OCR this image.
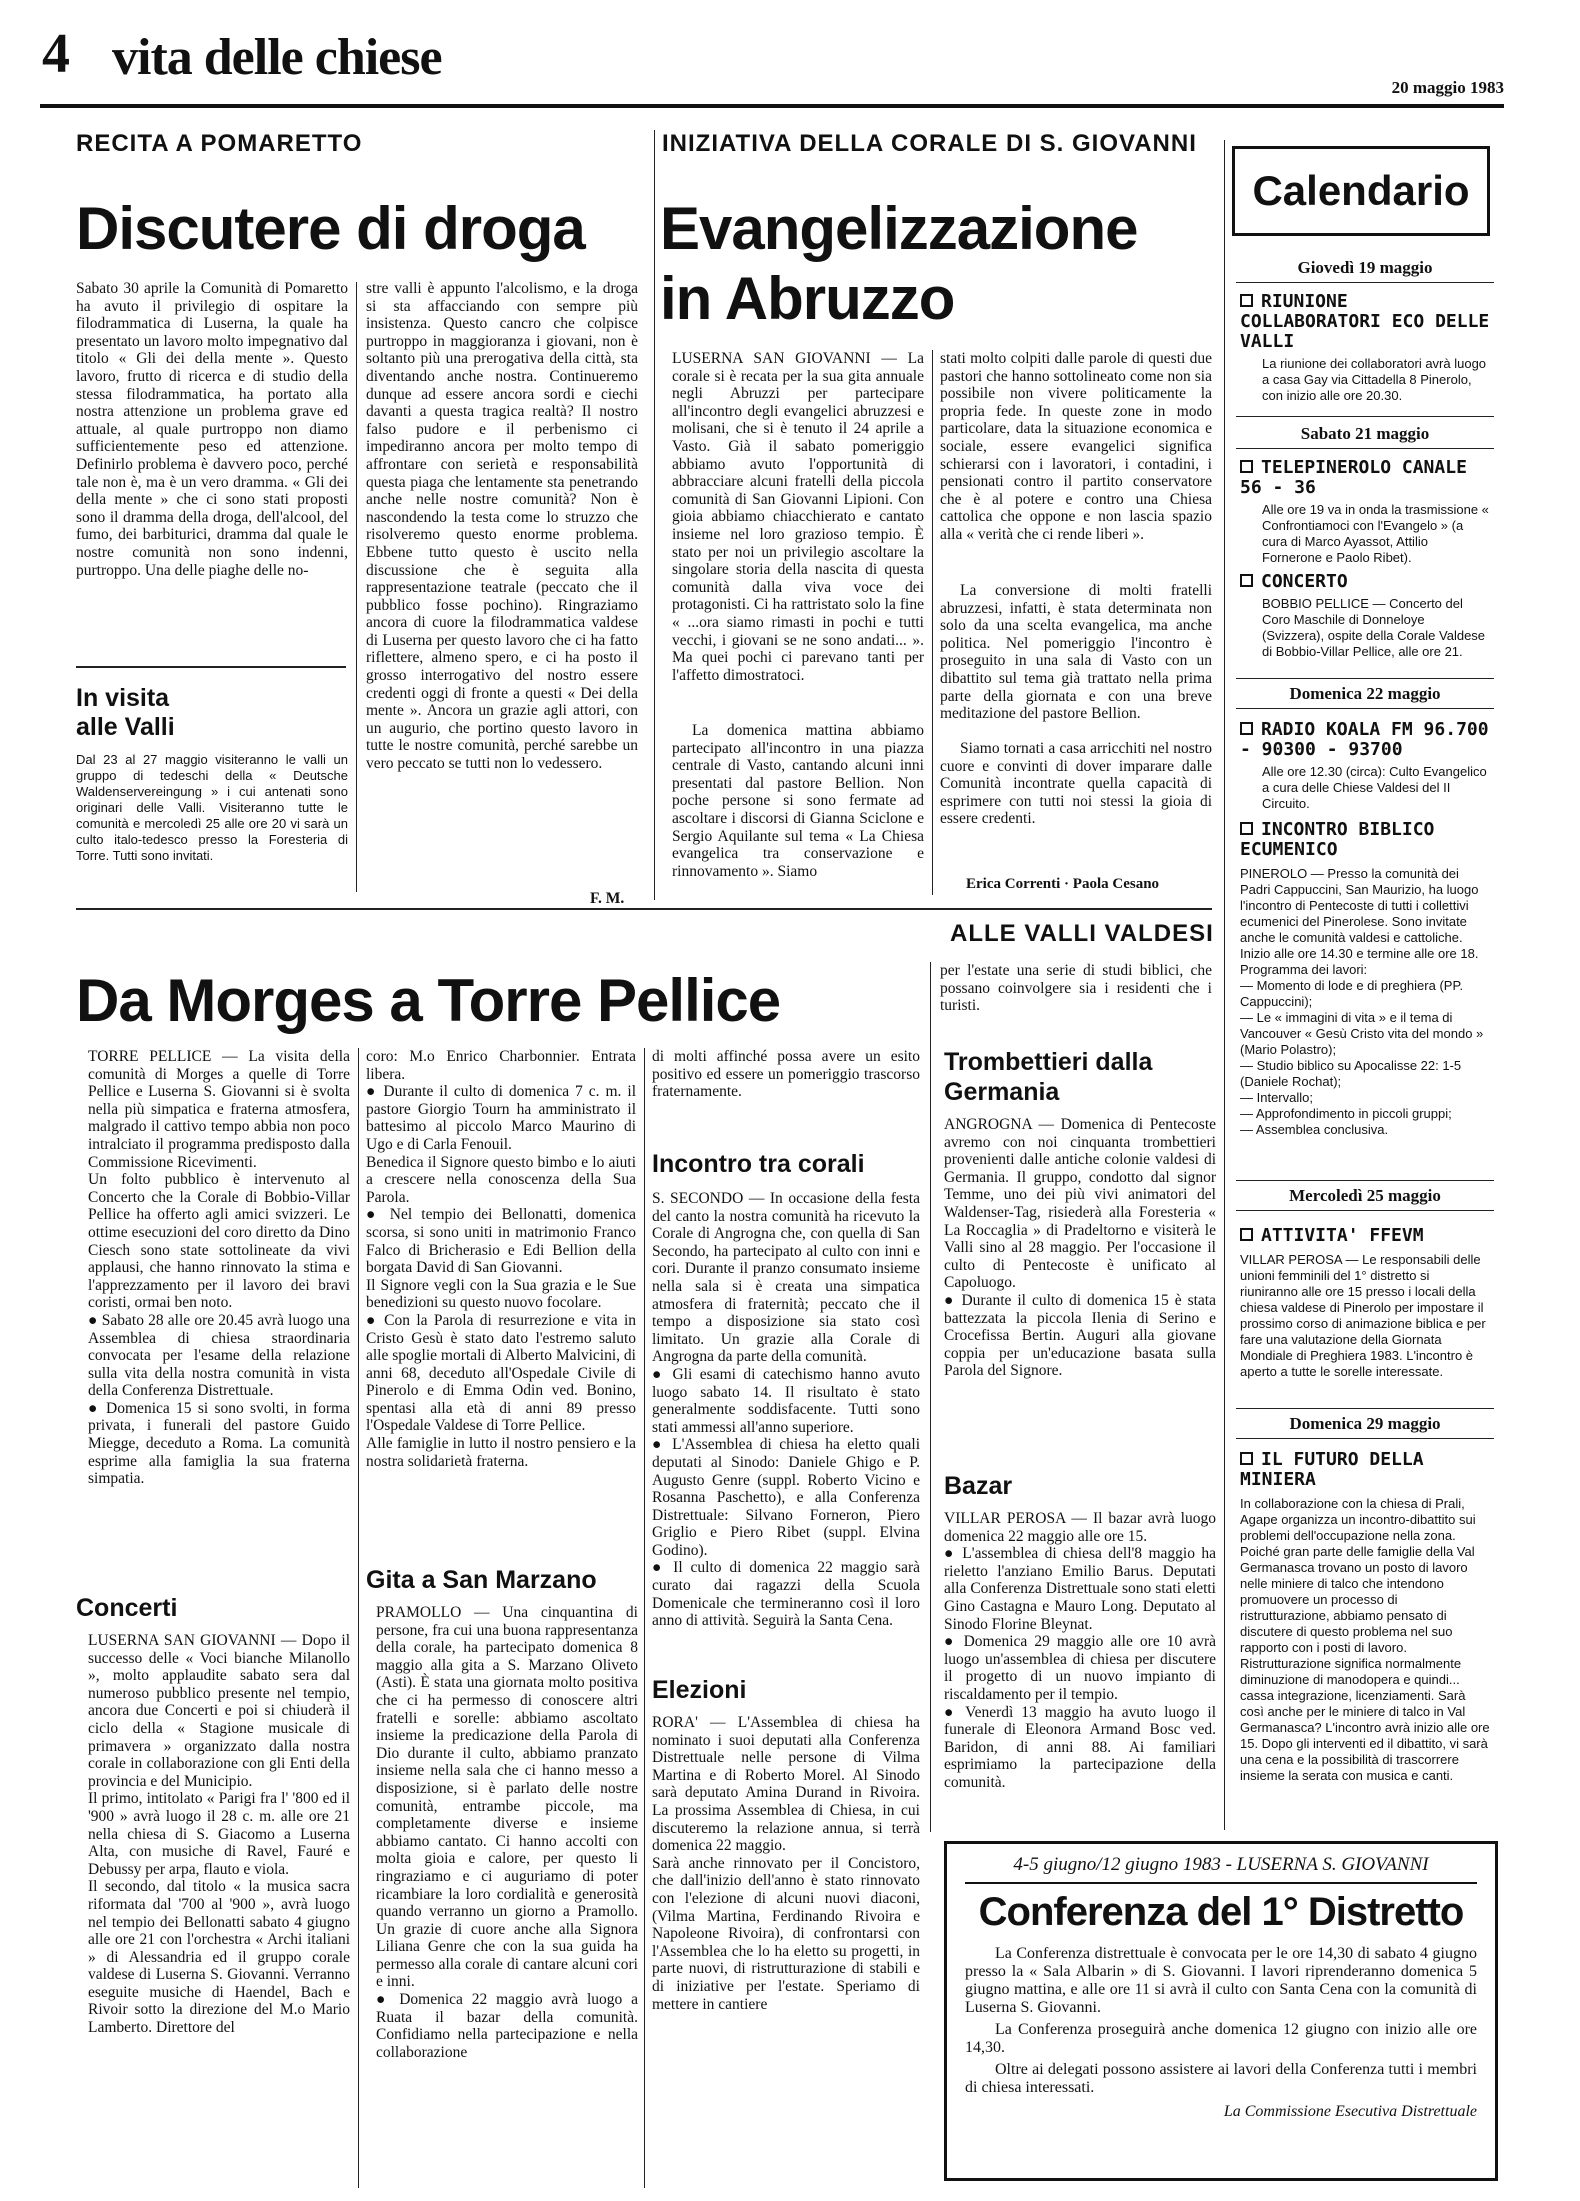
4 vita delle chiese
20 maggio 1983
RECITA A POMARETTO
Discutere di droga
Sabato 30 aprile la Comunità di Pomaretto ha avuto il privilegio di ospitare la filodrammatica di Luserna, la quale ha presentato un lavoro molto impegnativo dal titolo « Gli dei della mente ». Questo lavoro, frutto di ricerca e di studio della stessa filodrammatica, ha portato alla nostra attenzione un problema grave ed attuale, al quale purtroppo non diamo sufficientemente peso ed attenzione. Definirlo problema è davvero poco, perché tale non è, ma è un vero dramma. « Gli dei della mente » che ci sono stati proposti sono il dramma della droga, dell'alcool, del fumo, dei barbiturici, dramma dal quale le nostre comunità non sono indenni, purtroppo. Una delle piaghe delle no-
stre valli è appunto l'alcolismo, e la droga si sta affacciando con sempre più insistenza. Questo cancro che colpisce purtroppo in maggioranza i giovani, non è soltanto più una prerogativa della città, sta diventando anche nostra. Continueremo dunque ad essere ancora sordi e ciechi davanti a questa tragica realtà? Il nostro falso pudore e il perbenismo ci impediranno ancora per molto tempo di affrontare con serietà e responsabilità questa piaga che lentamente sta penetrando anche nelle nostre comunità? Non è nascondendo la testa come lo struzzo che risolveremo questo enorme problema. Ebbene tutto questo è uscito nella discussione che è seguita alla rappresentazione teatrale (peccato che il pubblico fosse pochino). Ringraziamo ancora di cuore la filodrammatica valdese di Luserna per questo lavoro che ci ha fatto riflettere, almeno spero, e ci ha posto il grosso interrogativo del nostro essere credenti oggi di fronte a questi « Dei della mente ». Ancora un grazie agli attori, con un augurio, che portino questo lavoro in tutte le nostre comunità, perché sarebbe un vero peccato se tutti non lo vedessero.
F. M.
In visita
alle Valli
Dal 23 al 27 maggio visiteranno le valli un gruppo di tedeschi della « Deutsche Waldenservereingung » i cui antenati sono originari delle Valli. Visiteranno tutte le comunità e mercoledì 25 alle ore 20 vi sarà un culto italo-tedesco presso la Foresteria di Torre. Tutti sono invitati.
INIZIATIVA DELLA CORALE DI S. GIOVANNI
Evangelizzazione
in Abruzzo
LUSERNA SAN GIOVANNI — La corale si è recata per la sua gita annuale negli Abruzzi per partecipare all'incontro degli evangelici abruzzesi e molisani, che si è tenuto il 24 aprile a Vasto. Già il sabato pomeriggio abbiamo avuto l'opportunità di abbracciare alcuni fratelli della piccola comunità di San Giovanni Lipioni. Con gioia abbiamo chiacchierato e cantato insieme nel loro grazioso tempio. È stato per noi un privilegio ascoltare la singolare storia della nascita di questa comunità dalla viva voce dei protagonisti. Ci ha rattristato solo la fine « ...ora siamo rimasti in pochi e tutti vecchi, i giovani se ne sono andati... ». Ma quei pochi ci parevano tanti per l'affetto dimostratoci.
La domenica mattina abbiamo partecipato all'incontro in una piazza centrale di Vasto, cantando alcuni inni presentati dal pastore Bellion. Non poche persone si sono fermate ad ascoltare i discorsi di Gianna Sciclone e Sergio Aquilante sul tema « La Chiesa evangelica tra conservazione e rinnovamento ». Siamo
stati molto colpiti dalle parole di questi due pastori che hanno sottolineato come non sia possibile non vivere politicamente la propria fede. In queste zone in modo particolare, data la situazione economica e sociale, essere evangelici significa schierarsi con i lavoratori, i contadini, i pensionati contro il partito conservatore che è al potere e contro una Chiesa cattolica che oppone e non lascia spazio alla « verità che ci rende liberi ».
La conversione di molti fratelli abruzzesi, infatti, è stata determinata non solo da una scelta evangelica, ma anche politica. Nel pomeriggio l'incontro è proseguito in una sala di Vasto con un dibattito sul tema già trattato nella prima parte della giornata e con una breve meditazione del pastore Bellion.
Siamo tornati a casa arricchiti nel nostro cuore e convinti di dover imparare dalle Comunità incontrate quella capacità di esprimere con tutti noi stessi la gioia di essere credenti.
Erica Correnti · Paola Cesano
ALLE VALLI VALDESI
Da Morges a Torre Pellice
TORRE PELLICE — La visita della comunità di Morges a quelle di Torre Pellice e Luserna S. Giovanni si è svolta nella più simpatica e fraterna atmosfera, malgrado il cattivo tempo abbia non poco intralciato il programma predisposto dalla Commissione Ricevimenti.
Un folto pubblico è intervenuto al Concerto che la Corale di Bobbio-Villar Pellice ha offerto agli amici svizzeri. Le ottime esecuzioni del coro diretto da Dino Ciesch sono state sottolineate da vivi applausi, che hanno rinnovato la stima e l'apprezzamento per il lavoro dei bravi coristi, ormai ben noto.
● Sabato 28 alle ore 20.45 avrà luogo una Assemblea di chiesa straordinaria convocata per l'esame della relazione sulla vita della nostra comunità in vista della Conferenza Distrettuale.
● Domenica 15 si sono svolti, in forma privata, i funerali del pastore Guido Miegge, deceduto a Roma. La comunità esprime alla famiglia la sua fraterna simpatia.
Concerti
LUSERNA SAN GIOVANNI — Dopo il successo delle « Voci bianche Milanollo », molto applaudite sabato sera dal numeroso pubblico presente nel tempio, ancora due Concerti e poi si chiuderà il ciclo della « Stagione musicale di primavera » organizzato dalla nostra corale in collaborazione con gli Enti della provincia e del Municipio.
Il primo, intitolato « Parigi fra l' '800 ed il '900 » avrà luogo il 28 c. m. alle ore 21 nella chiesa di S. Giacomo a Luserna Alta, con musiche di Ravel, Fauré e Debussy per arpa, flauto e viola.
Il secondo, dal titolo « la musica sacra riformata dal '700 al '900 », avrà luogo nel tempio dei Bellonatti sabato 4 giugno alle ore 21 con l'orchestra « Archi italiani » di Alessandria ed il gruppo corale valdese di Luserna S. Giovanni. Verranno eseguite musiche di Haendel, Bach e Rivoir sotto la direzione del M.o Mario Lamberto. Direttore del
coro: M.o Enrico Charbonnier. Entrata libera.
● Durante il culto di domenica 7 c. m. il pastore Giorgio Tourn ha amministrato il battesimo al piccolo Marco Maurino di Ugo e di Carla Fenouil.
Benedica il Signore questo bimbo e lo aiuti a crescere nella conoscenza della Sua Parola.
● Nel tempio dei Bellonatti, domenica scorsa, si sono uniti in matrimonio Franco Falco di Bricherasio e Edi Bellion della borgata David di San Giovanni.
Il Signore vegli con la Sua grazia e le Sue benedizioni su questo nuovo focolare.
● Con la Parola di resurrezione e vita in Cristo Gesù è stato dato l'estremo saluto alle spoglie mortali di Alberto Malvicini, di anni 68, deceduto all'Ospedale Civile di Pinerolo e di Emma Odin ved. Bonino, spentasi alla età di anni 89 presso l'Ospedale Valdese di Torre Pellice.
Alle famiglie in lutto il nostro pensiero e la nostra solidarietà fraterna.
Gita a San Marzano
PRAMOLLO — Una cinquantina di persone, fra cui una buona rappresentanza della corale, ha partecipato domenica 8 maggio alla gita a S. Marzano Oliveto (Asti). È stata una giornata molto positiva che ci ha permesso di conoscere altri fratelli e sorelle: abbiamo ascoltato insieme la predicazione della Parola di Dio durante il culto, abbiamo pranzato insieme nella sala che ci hanno messo a disposizione, si è parlato delle nostre comunità, entrambe piccole, ma completamente diverse e insieme abbiamo cantato. Ci hanno accolti con molta gioia e calore, per questo li ringraziamo e ci auguriamo di poter ricambiare la loro cordialità e generosità quando verranno un giorno a Pramollo. Un grazie di cuore anche alla Signora Liliana Genre che con la sua guida ha permesso alla corale di cantare alcuni cori e inni.
● Domenica 22 maggio avrà luogo a Ruata il bazar della comunità. Confidiamo nella partecipazione e nella collaborazione
di molti affinché possa avere un esito positivo ed essere un pomeriggio trascorso fraternamente.
Incontro tra corali
S. SECONDO — In occasione della festa del canto la nostra comunità ha ricevuto la Corale di Angrogna che, con quella di San Secondo, ha partecipato al culto con inni e cori. Durante il pranzo consumato insieme nella sala si è creata una simpatica atmosfera di fraternità; peccato che il tempo a disposizione sia stato così limitato. Un grazie alla Corale di Angrogna da parte della comunità.
● Gli esami di catechismo hanno avuto luogo sabato 14. Il risultato è stato generalmente soddisfacente. Tutti sono stati ammessi all'anno superiore.
● L'Assemblea di chiesa ha eletto quali deputati al Sinodo: Daniele Ghigo e P. Augusto Genre (suppl. Roberto Vicino e Rosanna Paschetto), e alla Conferenza Distrettuale: Silvano Forneron, Piero Griglio e Piero Ribet (suppl. Elvina Godino).
● Il culto di domenica 22 maggio sarà curato dai ragazzi della Scuola Domenicale che termineranno così il loro anno di attività. Seguirà la Santa Cena.
Elezioni
RORA' — L'Assemblea di chiesa ha nominato i suoi deputati alla Conferenza Distrettuale nelle persone di Vilma Martina e di Roberto Morel. Al Sinodo sarà deputato Amina Durand in Rivoira. La prossima Assemblea di Chiesa, in cui discuteremo la relazione annua, si terrà domenica 22 maggio.
Sarà anche rinnovato per il Concistoro, che dall'inizio dell'anno è stato rinnovato con l'elezione di alcuni nuovi diaconi, (Vilma Martina, Ferdinando Rivoira e Napoleone Rivoira), di confrontarsi con l'Assemblea che lo ha eletto su progetti, in parte nuovi, di ristrutturazione di stabili e di iniziative per l'estate. Speriamo di mettere in cantiere
per l'estate una serie di studi biblici, che possano coinvolgere sia i residenti che i turisti.
Trombettieri dalla
Germania
ANGROGNA — Domenica di Pentecoste avremo con noi cinquanta trombettieri provenienti dalle antiche colonie valdesi di Germania. Il gruppo, condotto dal signor Temme, uno dei più vivi animatori del Waldenser-Tag, risiederà alla Foresteria « La Roccaglia » di Pradeltorno e visiterà le Valli sino al 28 maggio. Per l'occasione il culto di Pentecoste è unificato al Capoluogo.
● Durante il culto di domenica 15 è stata battezzata la piccola Ilenia di Serino e Crocefissa Bertin. Auguri alla giovane coppia per un'educazione basata sulla Parola del Signore.
Bazar
VILLAR PEROSA — Il bazar avrà luogo domenica 22 maggio alle ore 15.
● L'assemblea di chiesa dell'8 maggio ha rieletto l'anziano Emilio Barus. Deputati alla Conferenza Distrettuale sono stati eletti Gino Castagna e Mauro Long. Deputato al Sinodo Florine Bleynat.
● Domenica 29 maggio alle ore 10 avrà luogo un'assemblea di chiesa per discutere il progetto di un nuovo impianto di riscaldamento per il tempio.
● Venerdì 13 maggio ha avuto luogo il funerale di Eleonora Armand Bosc ved. Baridon, di anni 88. Ai familiari esprimiamo la partecipazione della comunità.
Calendario
Giovedì 19 maggio
RIUNIONE COLLABORATORI ECO DELLE VALLI
La riunione dei collaboratori avrà luogo a casa Gay via Cittadella 8 Pinerolo, con inizio alle ore 20.30.
Sabato 21 maggio
TELEPINEROLO CANALE 56 - 36
Alle ore 19 va in onda la trasmissione « Confrontiamoci con l'Evangelo » (a cura di Marco Ayassot, Attilio Fornerone e Paolo Ribet).
CONCERTO
BOBBIO PELLICE — Concerto del Coro Maschile di Donneloye (Svizzera), ospite della Corale Valdese di Bobbio-Villar Pellice, alle ore 21.
Domenica 22 maggio
RADIO KOALA FM 96.700 - 90300 - 93700
Alle ore 12.30 (circa): Culto Evangelico a cura delle Chiese Valdesi del II Circuito.
INCONTRO BIBLICO ECUMENICO
PINEROLO — Presso la comunità dei Padri Cappuccini, San Maurizio, ha luogo l'incontro di Pentecoste di tutti i collettivi ecumenici del Pinerolese. Sono invitate anche le comunità valdesi e cattoliche. Inizio alle ore 14.30 e termine alle ore 18.
Programma dei lavori:
— Momento di lode e di preghiera (PP. Cappuccini);
— Le « immagini di vita » e il tema di Vancouver « Gesù Cristo vita del mondo » (Mario Polastro);
— Studio biblico su Apocalisse 22: 1-5 (Daniele Rochat);
— Intervallo;
— Approfondimento in piccoli gruppi;
— Assemblea conclusiva.
Mercoledì 25 maggio
ATTIVITA' FFEVM
VILLAR PEROSA — Le responsabili delle unioni femminili del 1° distretto si riuniranno alle ore 15 presso i locali della chiesa valdese di Pinerolo per impostare il prossimo corso di animazione biblica e per fare una valutazione della Giornata Mondiale di Preghiera 1983. L'incontro è aperto a tutte le sorelle interessate.
Domenica 29 maggio
IL FUTURO DELLA MINIERA
In collaborazione con la chiesa di Prali, Agape organizza un incontro-dibattito sui problemi dell'occupazione nella zona. Poiché gran parte delle famiglie della Val Germanasca trovano un posto di lavoro nelle miniere di talco che intendono promuovere un processo di ristrutturazione, abbiamo pensato di discutere di questo problema nel suo rapporto con i posti di lavoro. Ristrutturazione significa normalmente diminuzione di manodopera e quindi... cassa integrazione, licenziamenti. Sarà così anche per le miniere di talco in Val Germanasca? L'incontro avrà inizio alle ore 15. Dopo gli interventi ed il dibattito, vi sarà una cena e la possibilità di trascorrere insieme la serata con musica e canti.
4-5 giugno/12 giugno 1983 - LUSERNA S. GIOVANNI
Conferenza del 1° Distretto
La Conferenza distrettuale è convocata per le ore 14,30 di sabato 4 giugno presso la « Sala Albarin » di S. Giovanni. I lavori riprenderanno domenica 5 giugno mattina, e alle ore 11 si avrà il culto con Santa Cena con la comunità di Luserna S. Giovanni.
La Conferenza proseguirà anche domenica 12 giugno con inizio alle ore 14,30.
Oltre ai delegati possono assistere ai lavori della Conferenza tutti i membri di chiesa interessati.
La Commissione Esecutiva Distrettuale
